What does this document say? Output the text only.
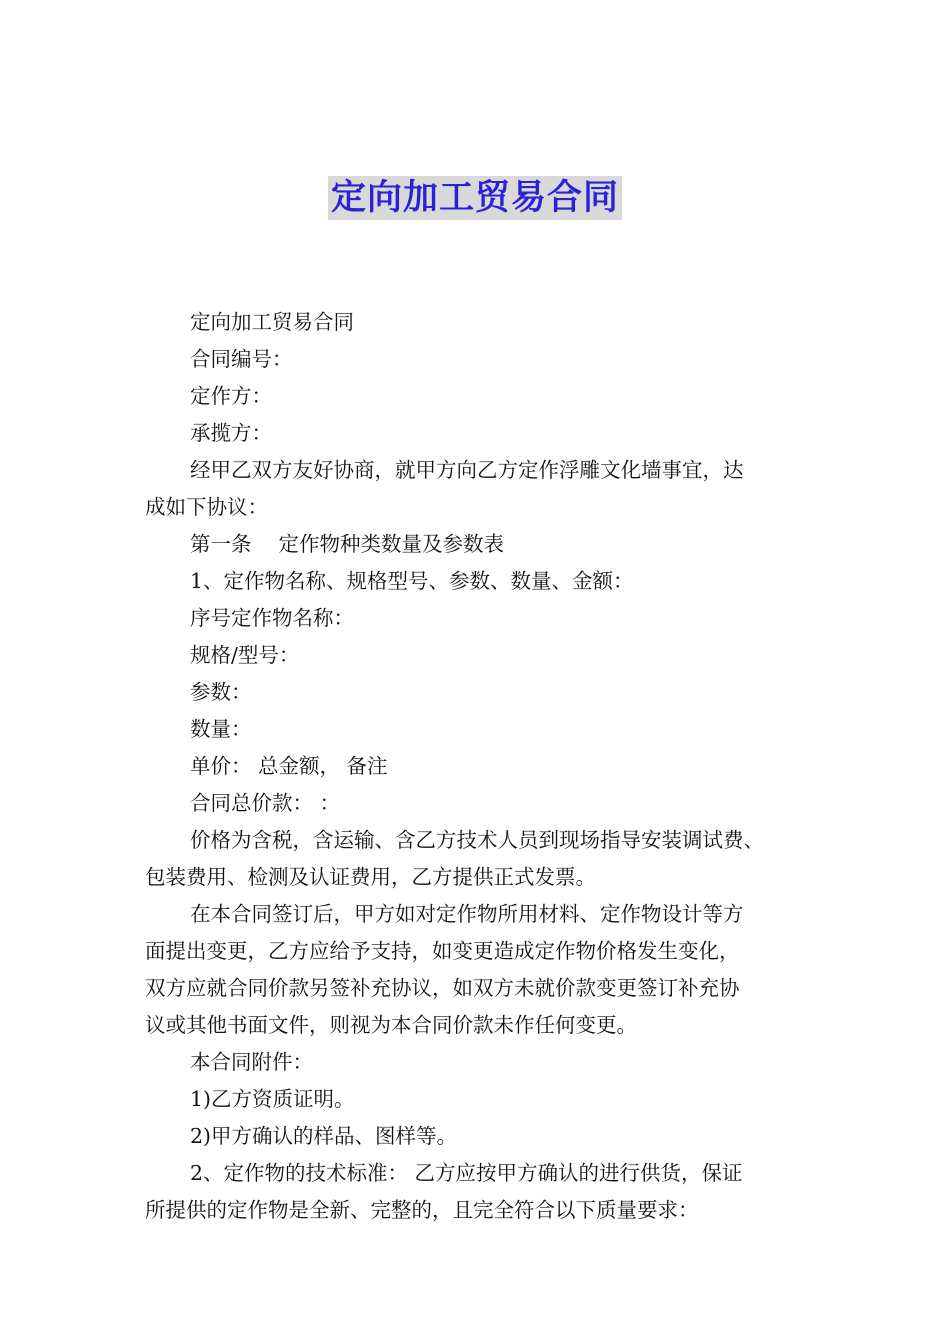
定向加工贸易合同

定向加工贸易合同

合同编号：

定作方：

承揽方：

经甲乙双方友好协商，就甲方向乙方定作浮雕文化墙事宜，达

成如下协议：

第一条　 定作物种类数量及参数表

1、定作物名称、规格型号、参数、数量、金额：

序号定作物名称：

规格/型号：

参数：

数量：

单价： 总金额， 备注

合同总价款： ：

价格为含税，含运输、含乙方技术人员到现场指导安装调试费、

包装费用、检测及认证费用，乙方提供正式发票。

在本合同签订后，甲方如对定作物所用材料、定作物设计等方

面提出变更，乙方应给予支持，如变更造成定作物价格发生变化，

双方应就合同价款另签补充协议，如双方未就价款变更签订补充协

议或其他书面文件，则视为本合同价款未作任何变更。

本合同附件：

1)乙方资质证明。

2)甲方确认的样品、图样等。

2、定作物的技术标准： 乙方应按甲方确认的进行供货，保证

所提供的定作物是全新、完整的，且完全符合以下质量要求：
